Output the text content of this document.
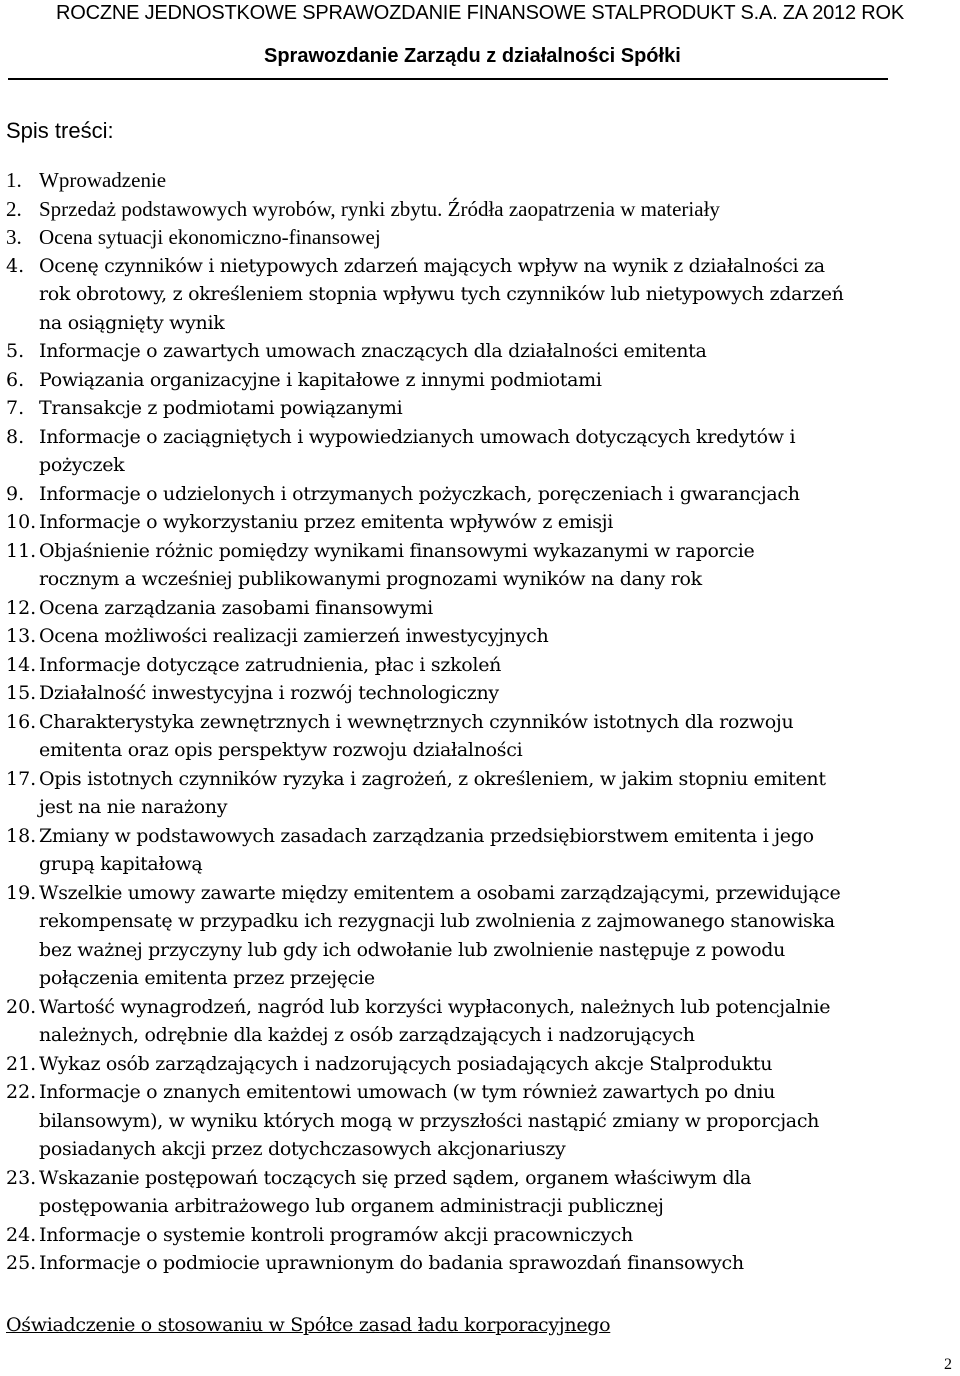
ROCZNE JEDNOSTKOWE SPRAWOZDANIE FINANSOWE STALPRODUKT S.A. ZA 2012 ROK
Sprawozdanie Zarządu z działalności Spółki
Spis treści:
1. Wprowadzenie
2. Sprzedaż podstawowych wyrobów, rynki zbytu. Źródła zaopatrzenia w materiały
3. Ocena sytuacji ekonomiczno-finansowej
4. Ocenę czynników i nietypowych zdarzeń mających wpływ na wynik z działalności za
rok obrotowy, z określeniem stopnia wpływu tych czynników lub nietypowych zdarzeń
na osiągnięty wynik
5. Informacje o zawartych umowach znaczących dla działalności emitenta
6. Powiązania organizacyjne i kapitałowe z innymi podmiotami
7. Transakcje z podmiotami powiązanymi
8. Informacje o zaciągniętych i wypowiedzianych umowach dotyczących kredytów i
pożyczek
9. Informacje o udzielonych i otrzymanych pożyczkach, poręczeniach i gwarancjach
10. Informacje o wykorzystaniu przez emitenta wpływów z emisji
11. Objaśnienie różnic pomiędzy wynikami finansowymi wykazanymi w raporcie
rocznym a wcześniej publikowanymi prognozami wyników na dany rok
12. Ocena zarządzania zasobami finansowymi
13. Ocena możliwości realizacji zamierzeń inwestycyjnych
14. Informacje dotyczące zatrudnienia, płac i szkoleń
15. Działalność inwestycyjna i rozwój technologiczny
16. Charakterystyka zewnętrznych i wewnętrznych czynników istotnych dla rozwoju
emitenta oraz opis perspektyw rozwoju działalności
17. Opis istotnych czynników ryzyka i zagrożeń, z określeniem, w jakim stopniu emitent
jest na nie narażony
18. Zmiany w podstawowych zasadach zarządzania przedsiębiorstwem emitenta i jego
grupą kapitałową
19. Wszelkie umowy zawarte między emitentem a osobami zarządzającymi, przewidujące
rekompensatę w przypadku ich rezygnacji lub zwolnienia z zajmowanego stanowiska
bez ważnej przyczyny lub gdy ich odwołanie lub zwolnienie następuje z powodu
połączenia emitenta przez przejęcie
20. Wartość wynagrodzeń, nagród lub korzyści wypłaconych, należnych lub potencjalnie
należnych, odrębnie dla każdej z osób zarządzających i nadzorujących
21. Wykaz osób zarządzających i nadzorujących posiadających akcje Stalproduktu
22. Informacje o znanych emitentowi umowach (w tym również zawartych po dniu
bilansowym), w wyniku których mogą w przyszłości nastąpić zmiany w proporcjach
posiadanych akcji przez dotychczasowych akcjonariuszy
23. Wskazanie postępowań toczących się przed sądem, organem właściwym dla
postępowania arbitrażowego lub organem administracji publicznej
24. Informacje o systemie kontroli programów akcji pracowniczych
25. Informacje o podmiocie uprawnionym do badania sprawozdań finansowych
Oświadczenie o stosowaniu w Spółce zasad ładu korporacyjnego
2
